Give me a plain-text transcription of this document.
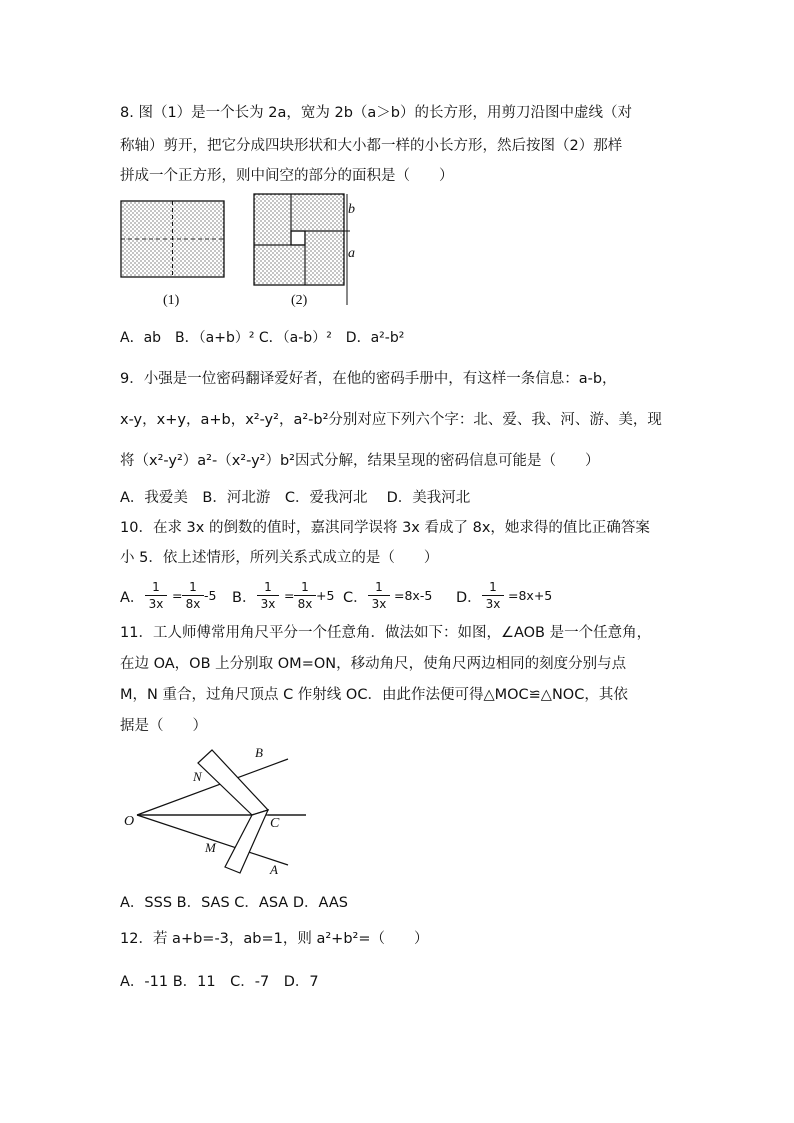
8. 图（1）是一个长为 2a，宽为 2b（a＞b）的长方形，用剪刀沿图中虚线（对
称轴）剪开，把它分成四块形状和大小都一样的小长方形，然后按图（2）那样
拼成一个正方形，则中间空的部分的面积是（　　）
b
a
(1)	(2)
A．ab　B．（a+b）² C．（a-b）²　D．a²-b²
9．小强是一位密码翻译爱好者，在他的密码手册中，有这样一条信息：a-b，
x-y，x+y，a+b，x²-y²，a²-b²分别对应下列六个字：北、爱、我、河、游、美，现
将（x²-y²）a²-（x²-y²）b²因式分解，结果呈现的密码信息可能是（　　）
A．我爱美　B．河北游　C．爱我河北　 D．美我河北
10．在求 3x 的倒数的值时，嘉淇同学误将 3x 看成了 8x，她求得的值比正确答案
小 5．依上述情形，所列关系式成立的是（　　）
A．
1
3x
=
1
8x
-5 B．
1
3x
=
1
8x
+5 C．
1
3x
=8x-5 D．
1
3x
=8x+5
11．工人师傅常用角尺平分一个任意角．做法如下：如图，∠AOB 是一个任意角，
在边 OA，OB 上分别取 OM=ON，移动角尺，使角尺两边相同的刻度分别与点
M，N 重合，过角尺顶点 C 作射线 OC．由此作法便可得△MOC≌△NOC，其依
据是（　　）
B
N
O	C
M
A
A．SSS B．SAS C．ASA D．AAS
12．若 a+b=-3，ab=1，则 a²+b²=（　　）
A．-11 B．11　C．-7　D．7
